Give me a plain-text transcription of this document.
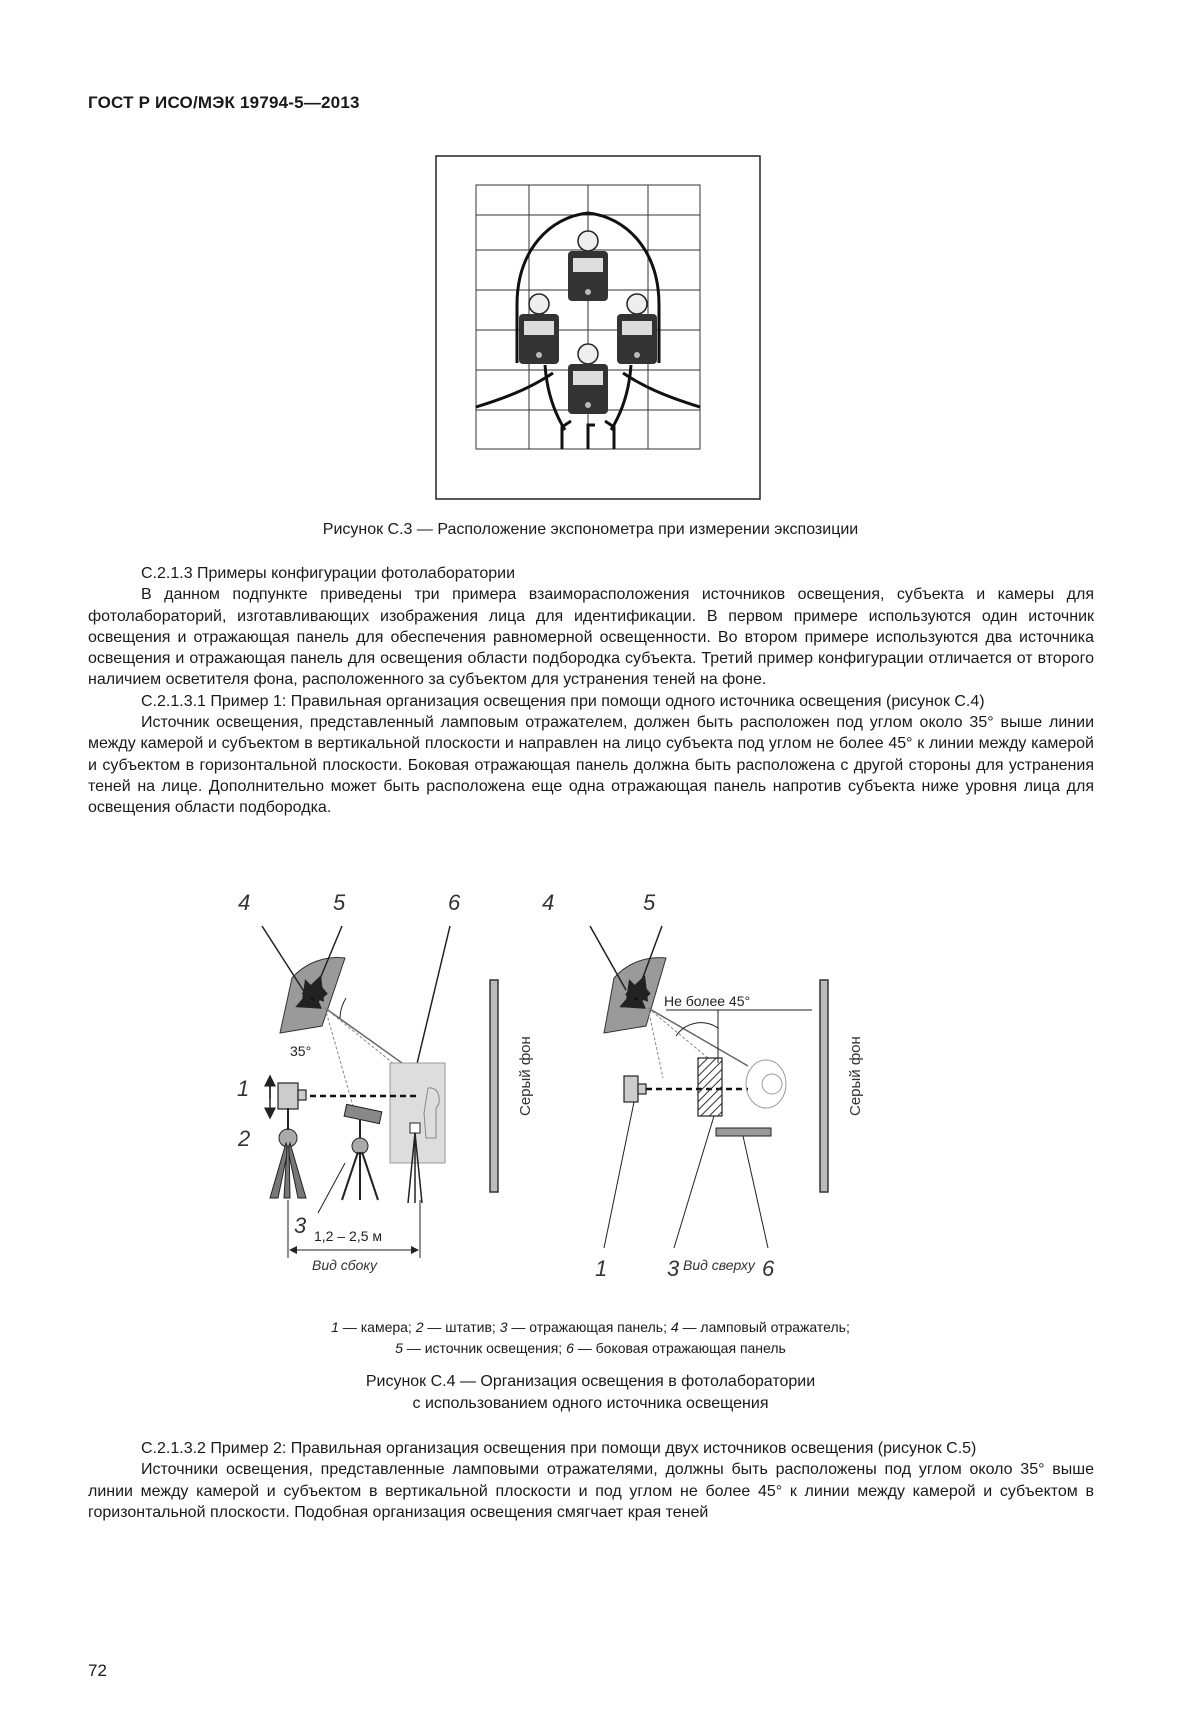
ГОСТ Р ИСО/МЭК 19794-5—2013
Рисунок С.3 — Расположение экспонометра при измерении экспозиции

С.2.1.3 Примеры конфигурации фотолаборатории

В данном подпункте приведены три примера взаиморасположения источников освещения, субъекта и камеры для фотолабораторий, изготавливающих изображения лица для идентификации. В первом примере используются один источник освещения и отражающая панель для обеспечения равномерной освещенности. Во втором примере используются два источника освещения и отражающая панель для освещения области подбородка субъекта. Третий пример конфигурации отличается от второго наличием осветителя фона, расположенного за субъектом для устранения теней на фоне.

С.2.1.3.1 Пример 1: Правильная организация освещения при помощи одного источника освещения (рисунок С.4)

Источник освещения, представленный ламповым отражателем, должен быть расположен под углом около 35° выше линии между камерой и субъектом в вертикальной плоскости и направлен на лицо субъекта под углом не более 45° к линии между камерой и субъектом в горизонтальной плоскости. Боковая отражающая панель должна быть расположена с другой стороны для устранения теней на лице. Дополнительно может быть расположена еще одна отражающая панель напротив субъекта ниже уровня лица для освещения области подбородка.

4	5	6
1
2
3
35°
1,2 – 2,5 м
Вид сбоку
Серый фон
4	5
Не более 45°
1	3	6
Вид сверху
Серый фон
1 — камера; 2 — штатив; 3 — отражающая панель; 4 — ламповый отражатель;
5 — источник освещения; 6 — боковая отражающая панель
Рисунок С.4 — Организация освещения в фотолаборатории
с использованием одного источника освещения

С.2.1.3.2 Пример 2: Правильная организация освещения при помощи двух источников освещения (рисунок С.5)

Источники освещения, представленные ламповыми отражателями, должны быть расположены под углом около 35° выше линии между камерой и субъектом в вертикальной плоскости и под углом не более 45° к линии между камерой и субъектом в горизонтальной плоскости. Подобная организация освещения смягчает края теней

72
